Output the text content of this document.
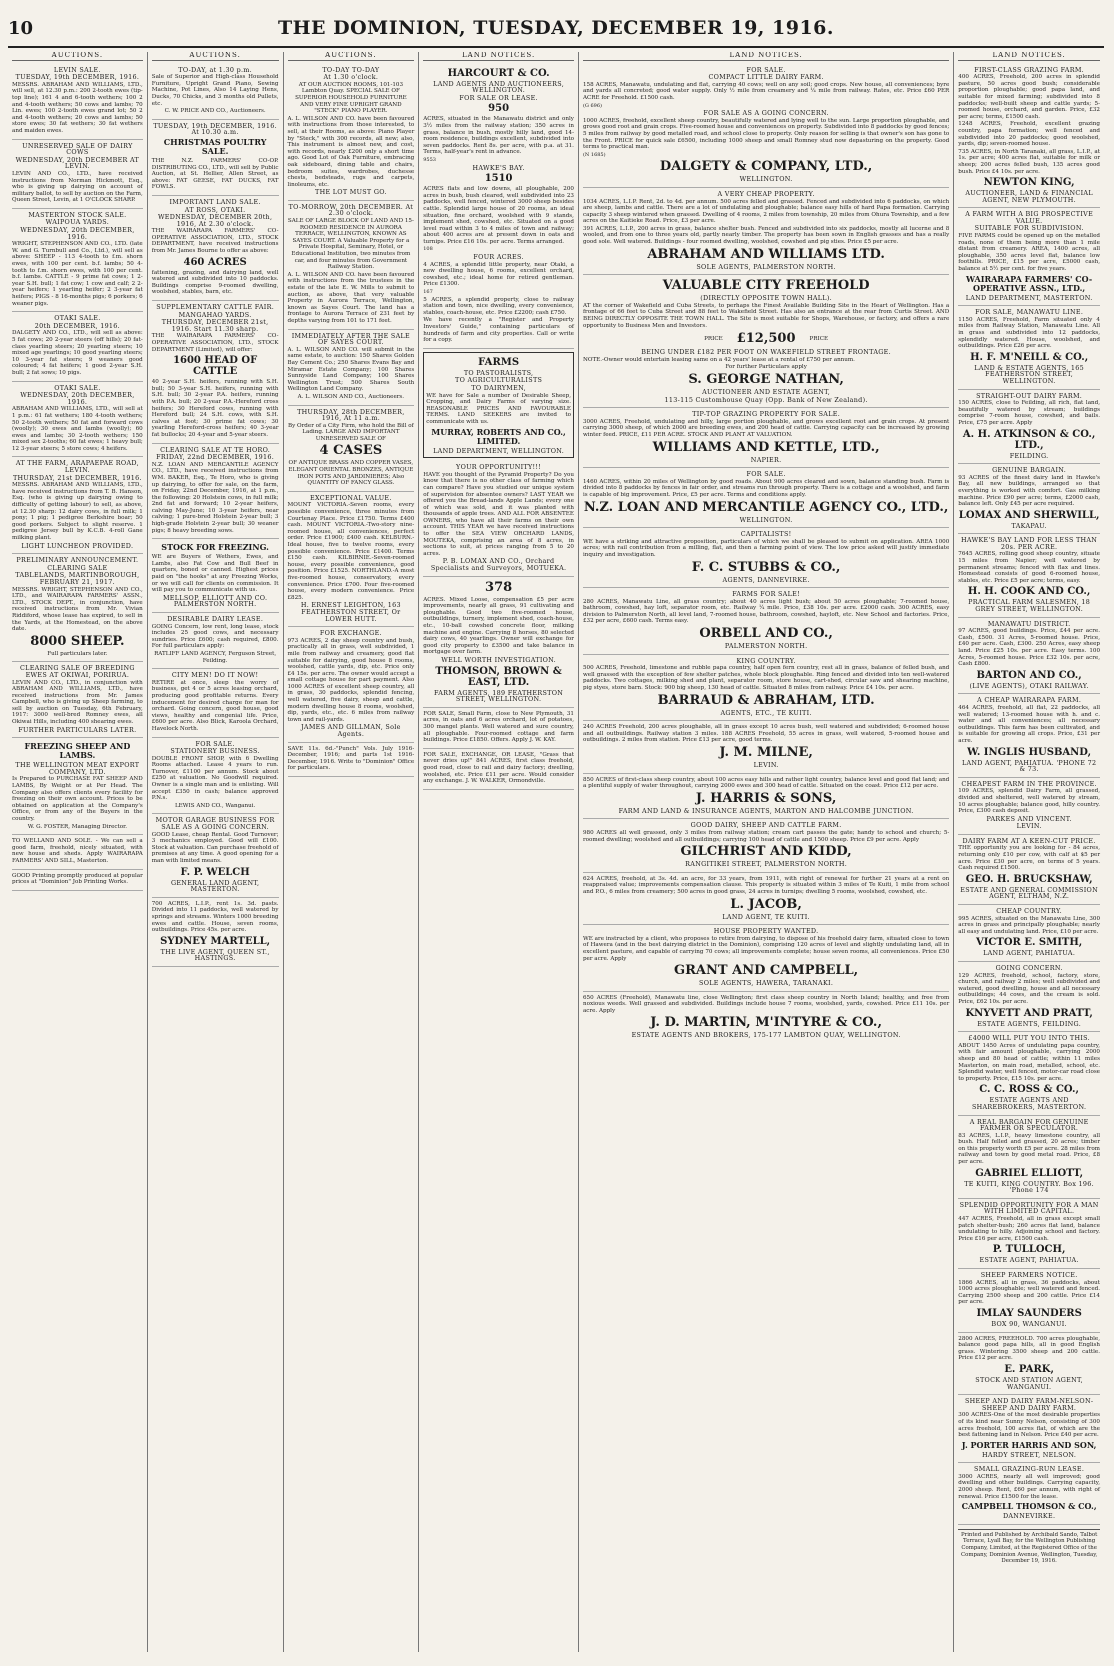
10	THE DOMINION, TUESDAY, DECEMBER 19, 1916.
AUCTIONS.
LEVIN SALE.
TUESDAY, 19th DECEMBER, 1916.

MESSRS. ABRAHAM AND WILLIAMS, LTD., will sell, at 12.30 p.m.: 200 2-tooth ewes (tip-top line); 161 4 and 6-tooth wethers; 100 2 and 4-tooth wethers; 50 cows and lambs; 70 Lin. ewes; 100 2-tooth ewes grand lot; 50 2 and 4-tooth wethers; 20 cows and lambs; 50 store ewes; 30 fat wethers; 30 fat wethers and maiden ewes.

UNRESERVED SALE OF DAIRY COWS
WEDNESDAY, 20th DECEMBER AT LEVIN.

LEVIN AND CO., LTD., have received instructions from Norman Hickmott, Esq., who is giving up dairying on account of military ballot, to sell by auction on the Farm, Queen Street, Levin, at 1 O'CLOCK SHARP.

MASTERTON STOCK SALE.
WAIPOUA YARDS.
WEDNESDAY, 20th DECEMBER, 1916.

WRIGHT, STEPHENSON AND CO., LTD. (late W. and G. Turnbull and Co., Ltd.), will sell as above: SHEEP - 113 4-tooth to f.m. shorn ewes, with 100 per cent. b.f. lambs; 50 4-tooth to f.m. shorn ewes, with 100 per cent. b.f. lambs. CATTLE - 9 prime fat cows; 1 2-year S.H. bull; 1 fat cow; 1 cow and calf; 2 2-year heifers; 1 yearling heifer; 2 3-year fat heifers; PIGS - 8 16-months pigs; 6 porkers; 6 weaner pigs.

OTAKI SALE.
20th DECEMBER, 1916.

DALGETY AND CO., LTD., will sell as above: 5 fat cows; 20 2-year steers (off hills); 20 fat-class yearling steers; 20 yearling steers; 10 mixed age yearlings; 10 good yearling steers; 10 3-year fat steers; 9 weaners good coloured; 4 fat heifers; 1 good 2-year S.H. bull; 2 fat sows; 10 pigs.

OTAKI SALE.
WEDNESDAY, 20th DECEMBER, 1916.

ABRAHAM AND WILLIAMS, LTD., will sell at 1 p.m.: 61 fat wethers; 180 4-tooth wethers; 50 2-tooth wethers; 50 fat and forward cows (woolly); 30 ewes and lambs (woolly); 60 ewes and lambs; 30 2-tooth wethers; 150 mixed sex 2-tooths; 60 fat ewes; 1 heavy bull; 12 3-year steers; 5 store cows; 4 heifers.

AT THE FARM, ARAPAEPAE ROAD, LEVIN.
THURSDAY, 21st DECEMBER, 1916.

MESSRS. ABRAHAM AND WILLIAMS, LTD., have received instructions from T. B. Hanson, Esq. (who is giving up dairying owing to difficulty of getting labour) to sell, as above, at 12.30 sharp: 12 dairy cows, in full milk; 1 pony; 1 pig; 1 pedigree Berkshire boar; 50 good porkers. Subject to slight reserve. 1 pedigree Jersey bull by K.C.B. 4-roll Gane milking plant.

LIGHT LUNCHEON PROVIDED.
PRELIMINARY ANNOUNCEMENT.
CLEARING SALE
TABLELANDS, MARTINBOROUGH, FEBRUARY 21, 1917.

MESSRS. WRIGHT, STEPHENSON AND CO., LTD., and WAIRARAPA FARMERS' ASSN., LTD., STOCK DEPT., in conjunction, have received instructions from Mr. Vivian Riddiford, whose lease has expired, to sell in the Yards, at the Homestead, on the above date.

8000 SHEEP.

Full particulars later.

CLEARING SALE OF BREEDING EWES AT OKIWAI, PORIRUA.

LEVIN AND CO., LTD., in conjunction with ABRAHAM AND WILLIAMS, LTD., have received instructions from Mr. James Campbell, who is giving up Sheep farming, to sell by auction on Tuesday, 6th February, 1917: 3000 well-bred Romney ewes, all Okiwai Hills, including 400 shearing ewes.

FURTHER PARTICULARS LATER.
FREEZING SHEEP AND LAMBS.
THE WELLINGTON MEAT EXPORT COMPANY, LTD.

Is Prepared to PURCHASE FAT SHEEP AND LAMBS, By Weight or at Per Head. The Company also offers clients every facility for freezing on their own account. Prices to be obtained on application at the Company's Office, or from any of the Buyers in the country.

W. G. FOSTER, Managing Director.

TO WELLAND AND SOLE. - We can sell a good farm, freehold, nicely situated, with new house and sheds. Apply WAIRARAPA FARMERS' AND SILL, Masterton.

GOOD Printing promptly produced at popular prices at "Dominion" Job Printing Works.

AUCTIONS.
TO-DAY, at 1.30 p.m.

Sale of Superior and High-class Household Furniture, Upright Grand Piano, Sewing Machine, Pot Lines, Also 14 Laying Hens, Ducks, 70 Chicks, and 3 months old Pullets, etc.

C. W. PRICE AND CO., Auctioneers.

TUESDAY, 19th DECEMBER, 1916. At 10.30 a.m.
CHRISTMAS POULTRY SALE.

THE N.Z. FARMERS' CO-OP. DISTRIBUTING CO., LTD., will sell by Public Auction, at St. Hellier, Allen Street, as above: FAT GEESE, FAT DUCKS, FAT FOWLS.

IMPORTANT LAND SALE.
AT ROSS, OTAKI.
WEDNESDAY, DECEMBER 20th, 1916, At 2.30 o'clock.

THE WAIRARAPA FARMERS' CO-OPERATIVE ASSOCIATION, LTD., STOCK DEPARTMENT, have received instructions from Mr. James Bourne to offer as above:

460 ACRES

fattening, grazing, and dairying land, well watered and subdivided into 10 paddocks. Buildings comprise 9-roomed dwelling, woolshed, stables, barn, etc.

SUPPLEMENTARY CATTLE FAIR.
MANGAHAO YARDS.
THURSDAY, DECEMBER 21st, 1916. Start 11.30 sharp.

THE WAIRARAPA FARMERS' CO-OPERATIVE ASSOCIATION, LTD., STOCK DEPARTMENT (Limited), will offer:

1600 HEAD OF CATTLE

40 2-year S.H. heifers, running with S.H. bull; 50 3-year S.H. heifers, running with S.H. bull; 30 2-year P.A. heifers, running with P.A. bull; 20 2-year P.A.-Hereford cross heifers; 30 Hereford cows, running with Hereford bull; 24 S.H. cows, with S.H. calves at foot; 30 prime fat cows; 30 yearling Hereford-cross heifers; 40 3-year fat bullocks; 20 4-year and 5-year steers.

CLEARING SALE AT TE HORO.
FRIDAY, 22nd DECEMBER, 1916.

N.Z. LOAN AND MERCANTILE AGENCY CO., LTD., have received instructions from WM. BAKER, Esq., Te Horo, who is giving up dairying, to offer for sale, on the farm, on Friday, 22nd December, 1916, at 1 p.m., the following: 20 Holstein cows, in full milk; 2nd fat and forward; 10 2-year heifers, calving May-June; 10 3-year heifers, near calving; 1 pure-bred Holstein 2-year bull; 3 high-grade Holstein 2-year bull; 30 weaner pigs; 8 heavy breeding sows.

STOCK FOR FREEZING.

WE are Buyers of Wethers, Ewes, and Lambs, also Fat Cow and Bull Beef in quarters, boned or canned. Highest prices paid on "the hooks" at any Freezing Works, or we will call for clients on commission. It will pay you to communicate with us.

MELLSOP, ELLIOTT AND CO. PALMERSTON NORTH.
DESIRABLE DAIRY LEASE.

GOING Concern, low rent, long lease, stock includes 25 good cows, and necessary sundries. Price £600; cash required, £800. For full particulars apply:

RATLIFF LAND AGENCY, Ferguson Street, Feilding.

CITY MEN! DO IT NOW!

RETIRE at once, sleep the worry of business, get 4 or 5 acres leasing orchard, producing good profitable returns. Every inducement for desired charge for man for orchard. Going concern, good house, good views, healthy and congenial life. Price, £600 per acre. Also Blick, Karoola Orchard, Havelock North.

FOR SALE.
STATIONERY BUSINESS.

DOUBLE FRONT SHOP, with 6 Dwelling Rooms attached. Lease 4 years to run. Turnover, £1100 per annum. Stock about £250 at valuation. No Goodwill required. Owner is a single man and is enlisting. Will accept £350 in cash; balance approved P.N.s.

LEWIS AND CO., Wanganui.

MOTOR GARAGE BUSINESS FOR SALE AS A GOING CONCERN.

GOOD Lease, cheap Rental. Good Turnover; 3 mechanics employed. Good will £100. Stock at valuation. Can purchase freehold of premises at any time. A good opening for a man with limited means.

F. P. WELCH
GENERAL LAND AGENT, MASTERTON.

700 ACRES, L.I.P., rent 1s. 3d. pasts. Divided into 11 paddocks, well watered by springs and streams. Winters 1000 breeding ewes and cattle. House, seven rooms, outbuildings. Price 45s. per acre.

SYDNEY MARTELL,
THE LIVE AGENT, QUEEN ST., HASTINGS.
AUCTIONS.
TO-DAY TO-DAY
At 1.30 o'clock.

AT OUR AUCTION ROOMS, 101-103 Lambton Quay. SPECIAL SALE OF SUPERIOR HOUSEHOLD FURNITURE AND VERY FINE UPRIGHT GRAND "STECK" PIANO PLAYER.

A. L. WILSON AND CO. have been favoured with instructions from those interested, to sell, at their Rooms, as above: Piano Player by "Steck," with 300 records, all new; also, This instrument is almost new, and cost, with records, nearly £200 only a short time ago. Good Lot of Oak Furniture, embracing oak sideboard, dining table and chairs, bedroom suites, wardrobes, duchesse chests, bedsteads, rugs and carpets, linoleums, etc.

THE LOT MUST GO.
TO-MORROW, 20th DECEMBER. At 2.30 o'clock.

SALE OF LARGE BLOCK OF LAND AND 15-ROOMED RESIDENCE IN AURORA TERRACE, WELLINGTON, KNOWN AS SAYES COURT. A Valuable Property for a Private Hospital, Seminary, Hotel, or Educational Institution, two minutes from car, and four minutes from Government Railway Station.

A. L. WILSON AND CO. have been favoured with instructions from the trustees in the estate of the late E. W. Mills to submit to auction, as above, that very valuable Property in Aurora Terrace, Wellington, known as Sayes Court. The land has a frontage to Aurora Terrace of 231 feet by depths varying from 101 to 171 feet.

IMMEDIATELY AFTER THE SALE OF SAYES COURT.

A. L. WILSON AND CO. will submit in the same estate, to auction: 150 Shares Golden Bay Cement Co.; 250 Shares Evans Bay and Miramar Estate Company; 100 Shares Sunnyside Land Company; 100 Shares Wellington Trust; 500 Shares South Wellington Land Company.

A. L. WILSON AND CO., Auctioneers.

THURSDAY, 28th DECEMBER, 1916, At 11 a.m.

By Order of a City Firm, who hold the Bill of Lading. LARGE AND IMPORTANT UNRESERVED SALE OF

4 CASES

OF ANTIQUE BRASS AND COPPER VASES, ELEGANT ORIENTAL BRONZES, ANTIQUE IRON POTS AND JARDINIERES; Also QUANTITY OF FANCY GLASS.

EXCEPTIONAL VALUE.

MOUNT VICTORIA.-Seven rooms, every possible convenience, three minutes from Courtenay Place. Price £1750. Terms £400 cash. MOUNT VICTORIA.-Two-story nine-roomed house, all conveniences, perfect order. Price £1900; £400 cash. KELBURN.-Ideal house, five to twelve rooms, every possible convenience. Price £1400. Terms £150 cash. KILBIRNIE.-Seven-roomed house, every possible convenience, good position. Price £1525. NORTHLAND.-A most five-roomed house, conservatory, every convenience. Price £700. Four five-roomed house, every modern convenience. Price £825.

H. ERNEST LEIGHTON, 163 FEATHERSTON STREET, Or LOWER HUTT.
FOR EXCHANGE.

973 ACRES, 2 day sheep country and bush, practically all in grass, well subdivided, 1 mile from railway and creamery, good flat suitable for dairying, good house 8 rooms, woolshed, cattle yards, dip, etc. Price only £4 15s. per acre. The owner would accept a small cottage house for part payment. Also 1000 ACRES of excellent sheep country, all in grass, 30 paddocks, splendid fencing, well watered, five dairy, sheep and cattle, modern dwelling house 8 rooms, woolshed, dip, yards, etc., etc. 6 miles from railway town and rail-yards.

JAMES AND GILLMAN, Sole Agents.

SAVE 11s. 6d.-"Punch" Vols. July 1916-December, 1916; and parts 1st 1916-December, 1916. Write to "Dominion" Office for particulars.

LAND NOTICES.
HARCOURT & CO.
LAND AGENTS AND AUCTIONEERS, WELLINGTON.
FOR SALE OR LEASE.
950

ACRES, situated in the Manawatu district and only 3½ miles from the railway station; 350 acres in grass, balance in bush, mostly hilly land, good 14-room residence, buildings excellent, subdivided into seven paddocks. Rent 8s. per acre, with p.a. at 31. Terms, half-year's rent in advance.

9553

HAWKE'S BAY.
1510

ACRES flats and low downs, all ploughable, 200 acres in bush, bush cleared, well subdivided into 23 paddocks, well fenced, wintered 3000 sheep besides cattle. Splendid large house of 20 rooms, an ideal situation, fine orchard, woolshed with 9 stands, implement shed, cowshed, etc. Situated on a good level road within 3 to 4 miles of town and railway; about 400 acres are at present down in oats and turnips. Price £16 10s. per acre. Terms arranged.

108

FOUR ACRES.

4 ACRES, a splendid little property, near Otaki, a new dwelling house, 6 rooms, excellent orchard, cowshed, etc.; ideal home for retired gentleman. Price £1300.

167

5 ACRES, a splendid property, close to railway station and town, nice dwelling, every convenience, stables, coach-house, etc. Price £2200; cash £750.

We have recently a "Register and Property Investors' Guide," containing particulars of hundreds of farm and city properties. Call or write for a copy.

FARMS
TO PASTORALISTS,
TO AGRICULTURALISTS
TO DAIRYMEN,

WE have for Sale a number of Desirable Sheep, Cropping, and Dairy Farms of varying size. REASONABLE PRICES AND FAVOURABLE TERMS. LAND SEEKERS are invited to communicate with us.

MURRAY, ROBERTS AND CO., LIMITED.
LAND DEPARTMENT, WELLINGTON.
YOUR OPPORTUNITY!!!

HAVE you thought of the Pyramid Property? Do you know that there is no other class of farming which can compare? Have you studied our unique system of supervision for absentee owners? LAST YEAR we offered you the Bread-lands Apple Lands; every one of which was sold, and it was planted with thousands of apple trees. AND ALL FOR ABSENTEE OWNERS, who have all their farms on their own account. THIS YEAR we have received instructions to offer the SEA VIEW ORCHARD LANDS, MOUTEKA, comprising an area of 8 acres, in sections to suit, at prices ranging from 5 to 20 acres.

P. B. LOMAX AND CO., Orchard Specialists and Surveyors, MOTUEKA.
378

ACRES. Mixed Loose, compensation £5 per acre improvements, nearly all grass, 91 cultivating and ploughable. Good two five-roomed house, outbuildings, turnery, implement shed, coach-house, etc., 10-ball cowshed concrete floor, milking machine and engine. Carrying 8 horses, 80 selected dairy cows, 40 yearlings. Owner will exchange for good city property to £3500 and take balance in mortgage over farm.

WELL WORTH INVESTIGATION.
THOMSON, BROWN & EAST, LTD.
FARM AGENTS, 189 FEATHERSTON STREET, WELLINGTON.

FOR SALE, Small Farm, close to New Plymouth, 31 acres, in oats and 6 acres orchard, lot of potatoes, 300 mangel plants. Well watered and sure country, all ploughable. Four-roomed cottage and farm buildings. Price £1850. Offers. Apply J. W. KAY.

FOR SALE, EXCHANGE, OR LEASE, "Grass that never dries up!" 841 ACRES, first class freehold, good road, close to rail and dairy factory; dwelling, woolshed, etc. Price £11 per acre. Would consider any exchange. J. W. WALKER, Ormondville.

LAND NOTICES.
FOR SALE.
COMPACT LITTLE DAIRY FARM.

158 ACRES, Manawatu, undulating and flat, carrying 40 cows; well on any soil; good crops. New house, all conveniences; byre and yards all concreted; good water supply. Only ½ mile from creamery and ¼ mile from railway. Rates, etc. Price £60 PER ACRE for Freehold. £1500 cash.

(G 696)

FOR SALE AS A GOING CONCERN.

1000 ACRES, freehold, excellent sheep country, beautifully watered and lying well to the sun. Large proportion ploughable, and grows good root and grain crops. Five-roomed house and conveniences on property. Subdivided into 8 paddocks by good fences; 5 miles from railway by good metalled road, and school close to property. Only reason for selling is that owner's son has gone to the Front. PRICE for quick sale £6500, including 1000 sheep and small Romney stud now depasturing on the property. Good terms to practical man.

(N 1685)

DALGETY & COMPANY, LTD.,
WELLINGTON.
A VERY CHEAP PROPERTY.

1034 ACRES, L.I.P. Rent, 2d. to 4d. per annum. 500 acres felled and grassed. Fenced and subdivided into 6 paddocks, on which are sheep, lambs and cattle. There are a lot of undulating and ploughable; balance easy hills of hard Papa formation. Carrying capacity 3 sheep wintered when grassed. Dwelling of 4 rooms, 2 miles from township, 20 miles from Ohura Township, and a few acres on the Kaitieke Road. Price, £3 per acre.

391 ACRES, L.I.P., 200 acres in grass, balance shelter bush. Fenced and subdivided into six paddocks, mostly all lucerne and 8 wooled, and from one to three years old, partly nearly timber. The property has been sown in English grasses and has a really good sole. Well watered. Buildings - four roomed dwelling, woolshed, cowshed and pig sties. Price £5 per acre.

ABRAHAM AND WILLIAMS LTD.
SOLE AGENTS, PALMERSTON NORTH.
VALUABLE CITY FREEHOLD
(DIRECTLY OPPOSITE TOWN HALL).

AT the corner of Wakefield and Cuba Streets, to perhaps the Finest Available Building Site in the Heart of Wellington. Has a frontage of 66 feet to Cuba Street and 88 feet to Wakefield Street. Has also an entrance at the rear from Curtis Street. AND BEING DIRECTLY OPPOSITE THE TOWN HALL. The Site is most suitable for Shops, Warehouse, or factory, and offers a rare opportunity to Business Men and Investors.

PRICE £12,500	PRICE
BEING UNDER £182 PER FOOT ON WAKEFIELD STREET FRONTAGE.

NOTE.-Owner would entertain leasing same on a 42 years' lease at a rental of £750 per annum.

For further Particulars apply

S. GEORGE NATHAN,
AUCTIONEER AND ESTATE AGENT,
113-115 Customhouse Quay (Opp. Bank of New Zealand).
TIP-TOP GRAZING PROPERTY FOR SALE.

3000 ACRES, Freehold, undulating and hilly, large portion ploughable, and grows excellent root and grain crops. At present carrying 3000 sheep, of which 2000 are breeding ewes, and 200 head of cattle. Carrying capacity can be increased by growing winter feed. PRICE, £11 PER ACRE. STOCK AND PLANT AT VALUATION.

WILLIAMS AND KETTLE, LTD.,
NAPIER.
FOR SALE.

1460 ACRES, within 20 miles of Wellington by good roads. About 900 acres cleared and sown, balance standing bush. Farm is divided into 8 paddocks by fences in fair order, and streams run through property. There is a cottage and a woolshed, and farm is capable of big improvement. Price, £5 per acre. Terms and conditions apply.

N.Z. LOAN AND MERCANTILE AGENCY CO., LTD.,
WELLINGTON.
CAPITALISTS!

WE have a striking and attractive proposition, particulars of which we shall be pleased to submit on application. AREA 1000 acres; with rail contribution from a milling, flat, and then a farming point of view. The low price asked will justify immediate inquiry and investigation.

F. C. STUBBS & CO.,
AGENTS, DANNEVIRKE.
FARMS FOR SALE!

280 ACRES, Manawatu Line, all grass country; about 40 acres light bush; about 50 acres ploughable; 7-roomed house, bathroom, cowshed, hay loft, separator room, etc. Railway ¼ mile. Price, £38 10s. per acre. £2000 cash. 300 ACRES, easy division to Palmerston North, all level land, 7-roomed house, bathroom, cowshed, hayloft, etc. New School and factories. Price, £32 per acre, £600 cash. Terms easy.

ORBELL AND CO.,
PALMERSTON NORTH.
KING COUNTRY.

500 ACRES, Freehold, limestone and rubble papa country, half open fern country, rest all in grass, balance of felled bush, and well grassed with the exception of few shelter patches, whole block ploughable. Ring fenced and divided into ten well-watered paddocks. Two cottages, milking shed and plant, separator room, store house, cart-shed, circular saw and shearing machine, pig styes, store barn. Stock: 900 big sheep, 130 head of cattle. Situated 8 miles from railway. Price £4 10s. per acre.

BARRAUD & ABRAHAM, LTD.
AGENTS, ETC., TE KUITI.

240 ACRES Freehold, 200 acres ploughable, all in grass except 10 acres bush, well watered and subdivided; 6-roomed house and all outbuildings. Railway station 3 miles. 188 ACRES Freehold, 55 acres in grass, well watered, 5-roomed house and outbuildings. 2 miles from station. Price £13 per acre, good terms.

J. M. MILNE,
LEVIN.

850 ACRES of first-class sheep country, about 100 acres easy hills and rather light country, balance level and good flat land; and a plentiful supply of water throughout, carrying 2000 ewes and 300 head of cattle. Situated on the coast. Price £12 per acre.

J. HARRIS & SONS,
FARM AND LAND & INSURANCE AGENTS, MARTON AND HALCOMBE JUNCTION.
GOOD DAIRY, SHEEP AND CATTLE FARM.

980 ACRES all well grassed, only 3 miles from railway station; cream cart passes the gate; handy to school and church; 5-roomed dwelling; woolshed and all outbuildings; carrying 100 head of cattle and 1500 sheep. Price £9 per acre. Apply

GILCHRIST AND KIDD,
RANGITIKEI STREET, PALMERSTON NORTH.

624 ACRES, freehold, at 3s. 4d. an acre, for 33 years, from 1911, with right of renewal for further 21 years at a rent on reappraised value; improvements compensation clause. This property is situated within 3 miles of Te Kuiti, 1 mile from school and P.O., 6 miles from creamery; 500 acres in good grass, 24 acres in turnips; dwelling 5 rooms, woolshed, cowshed, etc.

L. JACOB,
LAND AGENT, TE KUITI.
HOUSE PROPERTY WANTED.

WE are instructed by a client, who proposes to retire from dairying, to dispose of his freehold dairy farm, situated close to town of Hawera (and in the best dairying district in the Dominion), comprising 120 acres of level and slightly undulating land, all in excellent pasture, and capable of carrying 70 cows; all improvements complete; house seven rooms, all conveniences. Price £50 per acre. Apply

GRANT AND CAMPBELL,
SOLE AGENTS, HAWERA, TARANAKI.

650 ACRES (Freehold), Manawatu line, close Wellington; first class sheep country in North Island; healthy, and free from noxious weeds. Well grassed and subdivided. Buildings include house 7 rooms, woolshed, yards, cowshed. Price £11 10s. per acre. Apply

J. D. MARTIN, M'INTYRE & CO.,
ESTATE AGENTS AND BROKERS, 175-177 LAMBTON QUAY, WELLINGTON.
LAND NOTICES.
FIRST-CLASS GRAZING FARM.

400 ACRES, Freehold, 200 acres in splendid pasture, 50 acres good bush; considerable proportion ploughable; good papa land, and suitable for mixed farming; subdivided into 8 paddocks; well-built sheep and cattle yards; 5-roomed house, orchard, and garden. Price, £32 per acre; terms, £1500 cash.

1248 ACRES, Freehold, excellent grazing country, papa formation; well fenced and subdivided into 20 paddocks; good woolshed, yards, dip; seven-roomed house.

735 ACRES, in North Taranaki, all grass, L.I.P., at 1s. per acre; 400 acres flat, suitable for milk or sheep; 200 acres felled bush, 135 acres good bush. Price £4 10s. per acre.

NEWTON KING,
AUCTIONEER, LAND & FINANCIAL AGENT, NEW PLYMOUTH.
A FARM WITH A BIG PROSPECTIVE VALUE.
SUITABLE FOR SUBDIVISION.

FIVE FARMS could be opened up on the metalled roads, none of them being more than 1 mile distant from creamery. AREA, 1400 acres, all ploughable, 350 acres level flat, balance low foothills. PRICE, £15 per acre, £5000 cash, balance at 5½ per cent. for five years.

WAIRARAPA FARMERS' CO-OPERATIVE ASSN., LTD.,
LAND DEPARTMENT, MASTERTON.
FOR SALE, MANAWATU LINE.

1150 ACRES, Freehold, Farm situated only 4 miles from Railway Station, Manawatu Line. All in grass and subdivided into 12 paddocks, splendidly watered. House, woolshed, and outbuildings. Price £26 per acre.

H. F. M'NEILL & CO.,
LAND & ESTATE AGENTS, 165 FEATHERSTON STREET, WELLINGTON.
STRAIGHT-OUT DAIRY FARM.

150 ACRES, close to Feilding, all rich, flat land, beautifully watered by stream; buildings comprise 7-room house, cowshed, and bails. Price, £75 per acre. Apply

A. H. ATKINSON & CO., LTD.,
FEILDING.
GENUINE BARGAIN.

93 ACRES of the finest dairy land in Hawke's Bay, all new buildings, arranged so that everything is worked with comfort. Gas milking machine. Price £90 per acre; terms, £2000 cash, balance left. Only £45 per acre required.

LOMAX AND SHERWILL,
TAKAPAU.
HAWKE'S BAY LAND FOR LESS THAN 20s. PER ACRE.

7645 ACRES, rolling good sheep country, situate 15 miles from Napier; well watered by permanent streams; fenced with flax and lines. Homestead consists of good 6-roomed house, stables, etc. Price £5 per acre; terms, easy.

H. H. COOK AND CO.,
PRACTICAL FARM SALESMEN, 18 GREY STREET, WELLINGTON.
MANAWATU DISTRICT.

97 ACRES, good buildings. Price, £44 per acre. Cash, £500. 31 Acres, 5-roomed house. Price, £40 per acre. Cash, £300. 250 Acres, easy sheep land. Price £25 10s. per acre. Easy terms. 100 Acres, 5-roomed house. Price £32 10s. per acre, Cash £800.

BARTON AND CO.,
(LIVE AGENTS), OTAKI RAILWAY.
A CHEAP WAIRARAPA FARM.

464 ACRES, freehold, all flat, 22 paddocks, all well watered; 13-roomed house with h. and c. water and all conveniences; all necessary outbuildings. This farm has been cultivated, and is suitable for growing all crops. Price, £31 per acre.

W. INGLIS HUSBAND,
LAND AGENT, PAHIATUA. 'PHONE 72 & 73.
CHEAPEST FARM IN THE PROVINCE.

109 ACRES, splendid Dairy Farm, all grassed, divided and sheltered, well watered by stream, 10 acres ploughable; balance good, hilly country. Price, £300 cash deposit.

PARKES AND VINCENT.
LEVIN.
DAIRY FARM AT A KEEN-CUT PRICE.

THE opportunity you are looking for - 84 acres, returning only £10 per cow, with calf at $5 per acre. Price £30 per acre, on terms of 5 years. Cash required £1500.

GEO. H. BRUCKSHAW,
ESTATE AND GENERAL COMMISSION AGENT, ELTHAM, N.Z.
CHEAP COUNTRY.

995 ACRES, situated on the Manawatu Line, 300 acres in grass and principally ploughable; nearly all easy and undulating land. Price, £10 per acre.

VICTOR E. SMITH,
LAND AGENT, PAHIATUA.
GOING CONCERN.

129 ACRES, freehold, school, factory, store, church, and railway 2 miles; well subdivided and watered, good dwelling, house and all necessary outbuildings; 44 cows, and the cream is sold. Price, £62 10s. per acre.

KNYVETT AND PRATT,
ESTATE AGENTS, FEILDING.
£4000 WILL PUT YOU INTO THIS.

ABOUT 1450 Acres of undulating papa country, with fair amount ploughable, carrying 2000 sheep and 80 head of cattle; within 11 miles Masterton, on main road, metalled, school, etc. Splendid water, well fenced, motor-car road close to property. Price, £15 10s. per acre.

C. C. ROSS & CO.,
ESTATE AGENTS AND SHAREBROKERS, MASTERTON.
A REAL BARGAIN FOR GENUINE FARMER OR SPECULATOR.

83 ACRES, L.I.P., heavy limestone country, all bush. Half felled and grassed, 20 acres; timber on this property worth £5 per acre. 28 miles from railway and town by good metal road. Price, £8 per acre.

GABRIEL ELLIOTT,
TE KUITI, KING COUNTRY. Box 196. 'Phone 174
SPLENDID OPPORTUNITY FOR A MAN WITH LIMITED CAPITAL.

447 ACRES, Freehold, all in grass except small patch shelter-bush; 260 acres flat land, balance undulating to hilly. Adjoining school and factory. Price £16 per acre, £1500 cash.

P. TULLOCH,
ESTATE AGENT, PAHIATUA.
SHEEP FARMERS NOTICE.

1866 ACRES, all in grass, 36 paddocks, about 1000 acres ploughable; well watered and fenced. Carrying 2500 sheep and 200 cattle. Price £14 per acre.

IMLAY SAUNDERS
BOX 90, WANGANUI.

2800 ACRES, FREEHOLD. 700 acres ploughable, balance good papa hills, all in good English grass. Wintering 3500 sheep and 200 cattle. Price £12 per acre.

E. PARK,
STOCK AND STATION AGENT, WANGANUI.
SHEEP AND DAIRY FARM-NELSON-SHEEP AND DAIRY FARM.

300 ACRES-One of the most desirable properties of its kind near Sunny Nelson, consisting of 300 acres freehold, 100 acres flat, of which are the best fattening land in Nelson. Price £40 per acre.

J. PORTER HARRIS AND SON,
HARDY STREET, NELSON.
SMALL GRAZING-RUN LEASE.

3000 ACRES, nearly all well improved; good dwelling and other buildings. Carrying capacity, 2000 sheep. Rent, £60 per annum, with right of renewal. Price £1500 for the lease.

CAMPBELL THOMSON & CO.,
DANNEVIRKE.
Printed and Published by Archibald Sando, Talbot Terrace, Lyall Bay, for the Wellington Publishing Company, Limited, at the Registered Office of the Company, Dominion Avenue, Wellington, Tuesday, December 19, 1916.
